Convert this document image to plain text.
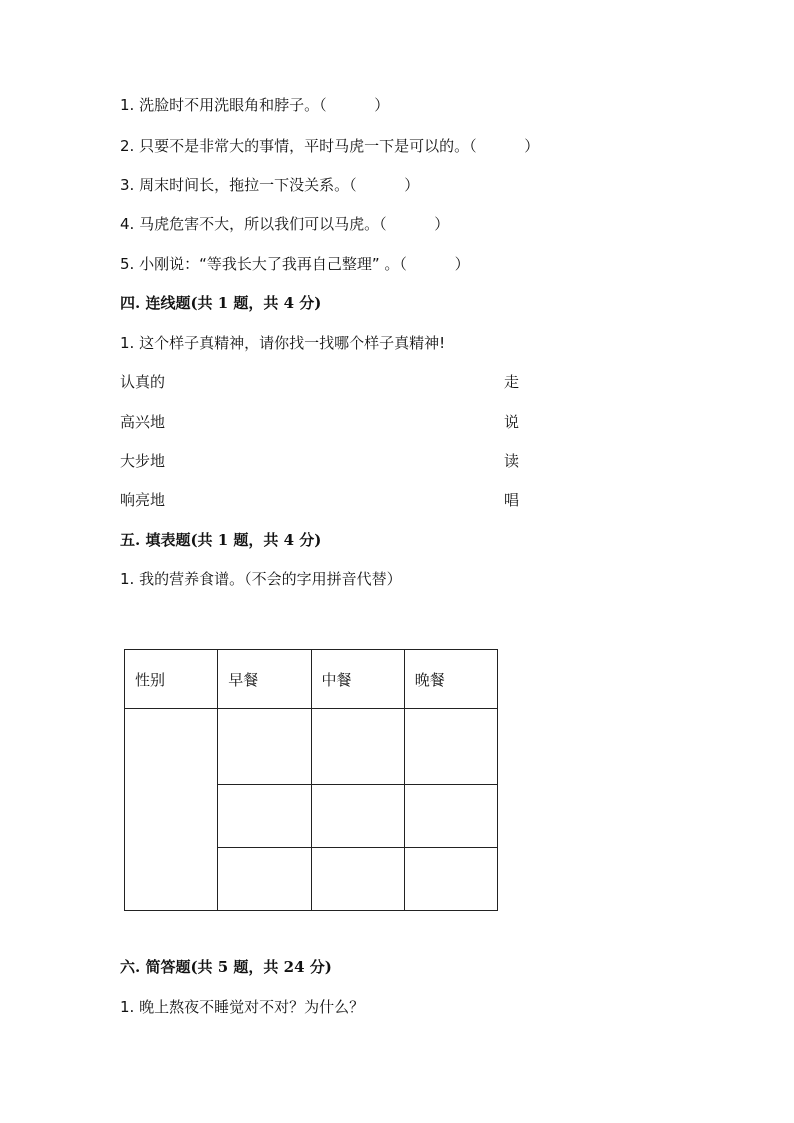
1. 洗脸时不用洗眼角和脖子。（          ）
2. 只要不是非常大的事情，平时马虎一下是可以的。（          ）
3. 周末时间长，拖拉一下没关系。（          ）
4. 马虎危害不大，所以我们可以马虎。（          ）
5. 小刚说：“等我长大了我再自己整理” 。（          ）
四. 连线题(共 1 题，共 4 分)
1. 这个样子真精神，请你找一找哪个样子真精神!
认真的	走
高兴地	说
大步地	读
响亮地	唱
五. 填表题(共 1 题，共 4 分)
1. 我的营养食谱。（不会的字用拼音代替）
性别	早餐	中餐	晚餐

六. 简答题(共 5 题，共 24 分)
1. 晚上熬夜不睡觉对不对？为什么？
